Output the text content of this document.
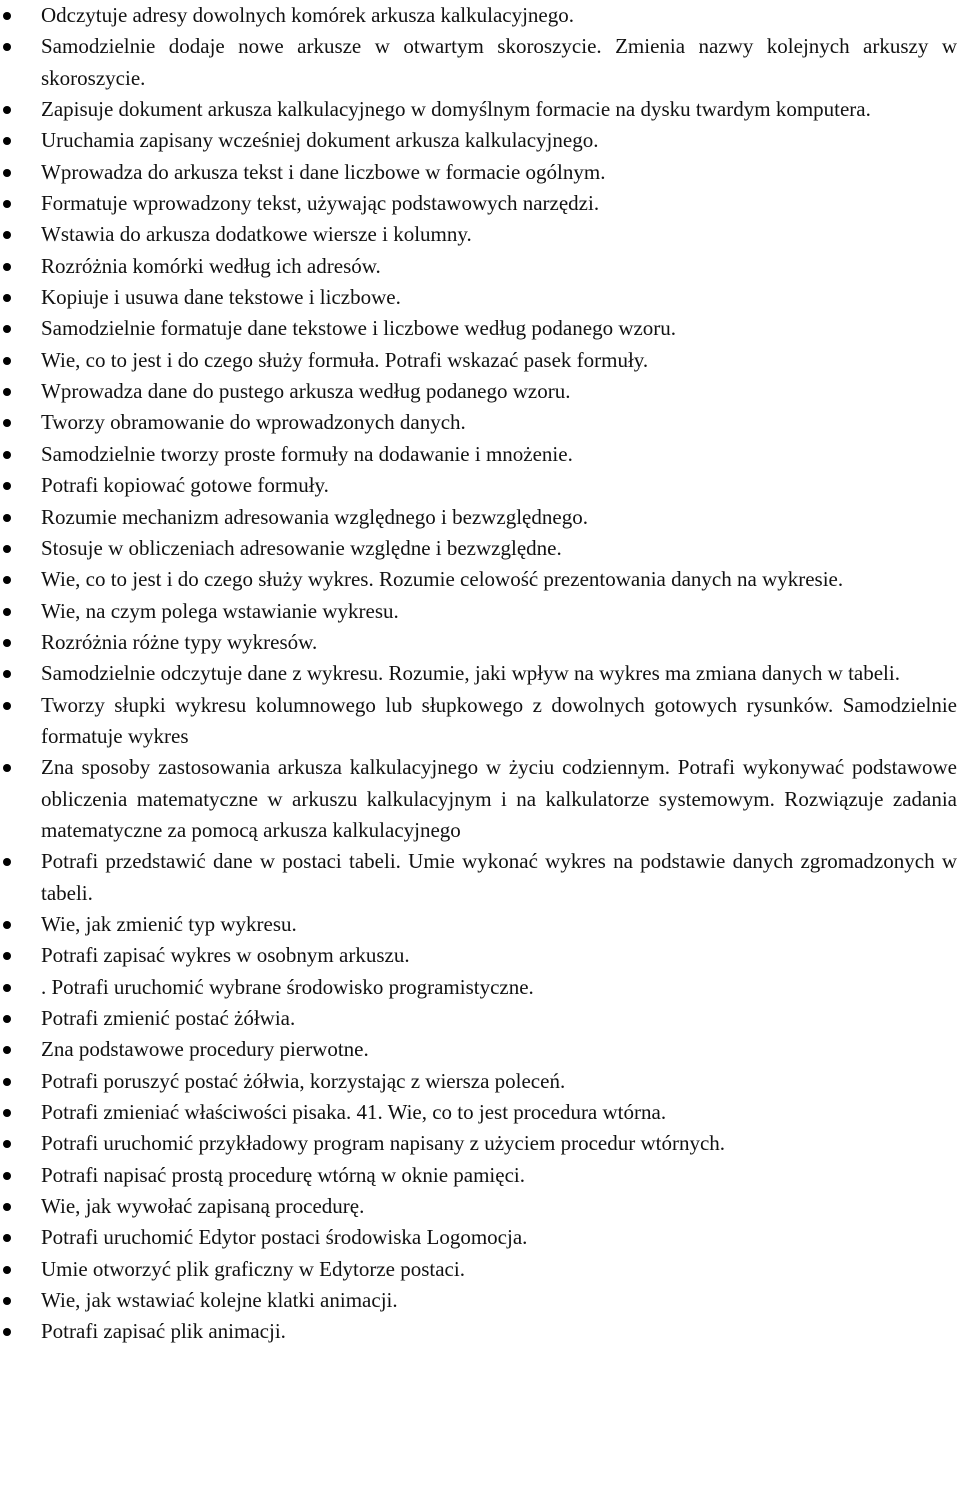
Odczytuje adresy dowolnych komórek arkusza kalkulacyjnego.
Samodzielnie dodaje nowe arkusze w otwartym skoroszycie. Zmienia nazwy kolejnych arkuszy w skoroszycie.
Zapisuje dokument arkusza kalkulacyjnego w domyślnym formacie na dysku twardym komputera.
Uruchamia zapisany wcześniej dokument arkusza kalkulacyjnego.
Wprowadza do arkusza tekst i dane liczbowe w formacie ogólnym.
Formatuje wprowadzony tekst, używając podstawowych narzędzi.
Wstawia do arkusza dodatkowe wiersze i kolumny.
Rozróżnia komórki według ich adresów.
Kopiuje i usuwa dane tekstowe i liczbowe.
Samodzielnie formatuje dane tekstowe i liczbowe według podanego wzoru.
Wie, co to jest i do czego służy formuła. Potrafi wskazać pasek formuły.
Wprowadza dane do pustego arkusza według podanego wzoru.
Tworzy obramowanie do wprowadzonych danych.
Samodzielnie tworzy proste formuły na dodawanie i mnożenie.
Potrafi kopiować gotowe formuły.
Rozumie mechanizm adresowania względnego i bezwzględnego.
Stosuje w obliczeniach adresowanie względne i bezwzględne.
Wie, co to jest i do czego służy wykres. Rozumie celowość prezentowania danych na wykresie.
Wie, na czym polega wstawianie wykresu.
Rozróżnia różne typy wykresów.
Samodzielnie odczytuje dane z wykresu. Rozumie, jaki wpływ na wykres ma zmiana danych w tabeli.
Tworzy słupki wykresu kolumnowego lub słupkowego z dowolnych gotowych rysunków. Samodzielnie formatuje wykres
Zna sposoby zastosowania arkusza kalkulacyjnego w życiu codziennym. Potrafi wykonywać podstawowe obliczenia matematyczne w arkuszu kalkulacyjnym i na kalkulatorze systemowym. Rozwiązuje zadania matematyczne za pomocą arkusza kalkulacyjnego
Potrafi przedstawić dane w postaci tabeli. Umie wykonać wykres na podstawie danych zgromadzonych w tabeli.
Wie, jak zmienić typ wykresu.
Potrafi zapisać wykres w osobnym arkuszu.
. Potrafi uruchomić wybrane środowisko programistyczne.
Potrafi zmienić postać żółwia.
Zna podstawowe procedury pierwotne.
Potrafi poruszyć postać żółwia, korzystając z wiersza poleceń.
Potrafi zmieniać właściwości pisaka. 41. Wie, co to jest procedura wtórna.
Potrafi uruchomić przykładowy program napisany z użyciem procedur wtórnych.
Potrafi napisać prostą procedurę wtórną w oknie pamięci.
Wie, jak wywołać zapisaną procedurę.
Potrafi uruchomić Edytor postaci środowiska Logomocja.
Umie otworzyć plik graficzny w Edytorze postaci.
Wie, jak wstawiać kolejne klatki animacji.
Potrafi zapisać plik animacji.
